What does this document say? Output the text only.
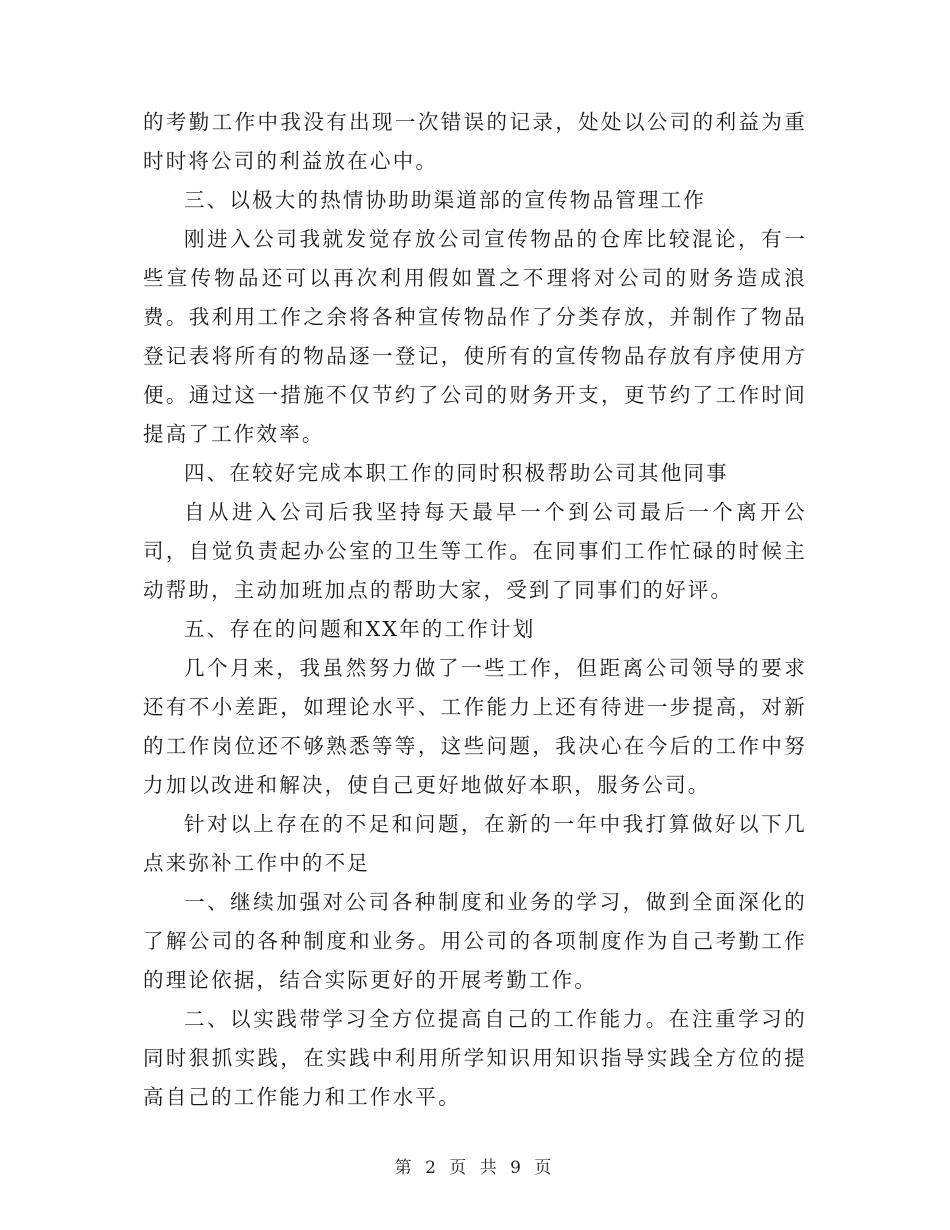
的考勤工作中我没有出现一次错误的记录，处处以公司的利益为重时时将公司的利益放在心中。

三、以极大的热情协助助渠道部的宣传物品管理工作

刚进入公司我就发觉存放公司宣传物品的仓库比较混论，有一些宣传物品还可以再次利用假如置之不理将对公司的财务造成浪费。我利用工作之余将各种宣传物品作了分类存放，并制作了物品登记表将所有的物品逐一登记，使所有的宣传物品存放有序使用方便。通过这一措施不仅节约了公司的财务开支，更节约了工作时间提高了工作效率。

四、在较好完成本职工作的同时积极帮助公司其他同事

自从进入公司后我坚持每天最早一个到公司最后一个离开公司，自觉负责起办公室的卫生等工作。在同事们工作忙碌的时候主动帮助，主动加班加点的帮助大家，受到了同事们的好评。

五、存在的问题和XX年的工作计划

几个月来，我虽然努力做了一些工作，但距离公司领导的要求还有不小差距，如理论水平、工作能力上还有待进一步提高，对新的工作岗位还不够熟悉等等，这些问题，我决心在今后的工作中努力加以改进和解决，使自己更好地做好本职，服务公司。

针对以上存在的不足和问题，在新的一年中我打算做好以下几点来弥补工作中的不足

一、继续加强对公司各种制度和业务的学习，做到全面深化的了解公司的各种制度和业务。用公司的各项制度作为自己考勤工作的理论依据，结合实际更好的开展考勤工作。

二、以实践带学习全方位提高自己的工作能力。在注重学习的同时狠抓实践，在实践中利用所学知识用知识指导实践全方位的提高自己的工作能力和工作水平。

第 2 页 共 9 页
